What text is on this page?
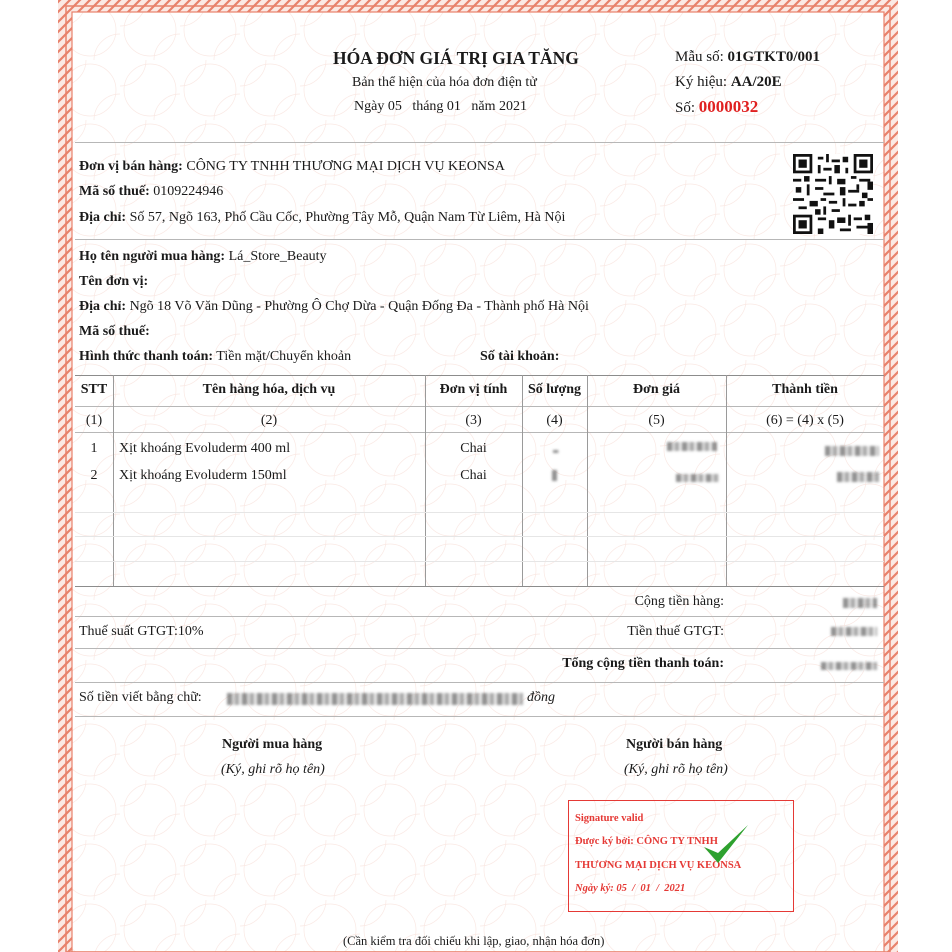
HÓA ĐƠN GIÁ TRỊ GIA TĂNG
Bản thể hiện của hóa đơn điện tử
Ngày 05   tháng 01   năm 2021
Mẫu số: 01GTKT0/001
Ký hiệu: AA/20E
Số: 0000032
Đơn vị bán hàng: CÔNG TY TNHH THƯƠNG MẠI DỊCH VỤ KEONSA
Mã số thuế: 0109224946
Địa chỉ: Số 57, Ngõ 163, Phố Cầu Cốc, Phường Tây Mỗ, Quận Nam Từ Liêm, Hà Nội
Họ tên người mua hàng: Lá_Store_Beauty
Tên đơn vị:
Địa chỉ: Ngõ 18 Võ Văn Dũng - Phường Ô Chợ Dừa - Quận Đống Đa - Thành phố Hà Nội
Mã số thuế:
Hình thức thanh toán: Tiền mặt/Chuyển khoản	Số tài khoản:
STT	Tên hàng hóa, dịch vụ	Đơn vị tính	Số lượng	Đơn giá	Thành tiền
(1)	(2)	(3)	(4)	(5)	(6) = (4) x (5)
1	Xịt khoáng Evoluderm 400 ml	Chai
2	Xịt khoáng Evoluderm 150ml	Chai
Cộng tiền hàng:
Thuế suất GTGT:10%	Tiền thuế GTGT:
Tổng cộng tiền thanh toán:
Số tiền viết bằng chữ:	đồng
Người mua hàng
(Ký, ghi rõ họ tên)
Người bán hàng
(Ký, ghi rõ họ tên)
Signature valid
Được ký bởi: CÔNG TY TNHH
THƯƠNG MẠI DỊCH VỤ KEONSA
Ngày ký: 05  /  01  /  2021
(Cần kiểm tra đối chiếu khi lập, giao, nhận hóa đơn)
